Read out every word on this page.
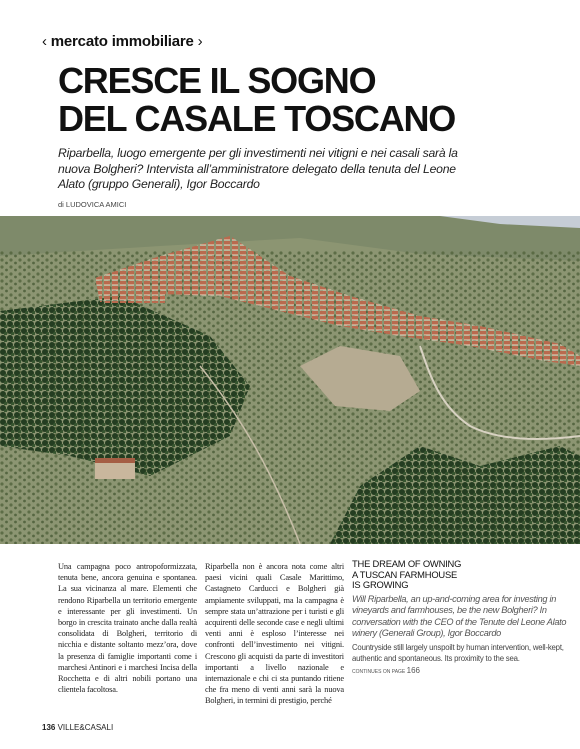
‹ mercato immobiliare ›
CRESCE IL SOGNO
DEL CASALE TOSCANO

Riparbella, luogo emergente per gli investimenti nei vitigni e nei casali sarà la nuova Bolgheri? Intervista all’amministratore delegato della tenuta del Leone Alato (gruppo Generali), Igor Boccardo

di LUDOVICA AMICI

Una campagna poco antropoformizzata, tenuta bene, ancora genuina e spontanea. La sua vicinanza al mare. Elementi che rendono Riparbella un territorio emergente e interessante per gli investimenti. Un borgo in crescita trainato anche dalla realtà consolidata di Bolgheri, territorio di nicchia e distante soltanto mezz’ora, dove la presenza di famiglie importanti come i marchesi Antinori e i marchesi Incisa della Rocchetta e di altri nobili portano una clientela facoltosa.

Riparbella non è ancora nota come altri paesi vicini quali Casale Marittimo, Castagneto Carducci e Bolgheri già ampiamente sviluppati, ma la campagna è sempre stata un’attrazione per i turisti e gli acquirenti delle seconde case e negli ultimi venti anni è esploso l’interesse nei confronti dell’investimento nei vitigni. Crescono gli acquisti da parte di investitori importanti a livello nazionale e internazionale e chi ci sta puntando ritiene che fra meno di venti anni sarà la nuova Bolgheri, in termini di prestigio, perché

THE DREAM OF OWNING
A TUSCAN FARMHOUSE
IS GROWING

Will Riparbella, an up-and-coming area for investing in vineyards and farmhouses, be the new Bolgheri? In conversation with the CEO of the Tenute del Leone Alato winery (Generali Group), Igor Boccardo

Countryside still largely unspoilt by human intervention, well-kept, authentic and spontaneous. Its proximity to the sea.

CONTINUES ON PAGE 166
136 VILLE&CASALI
